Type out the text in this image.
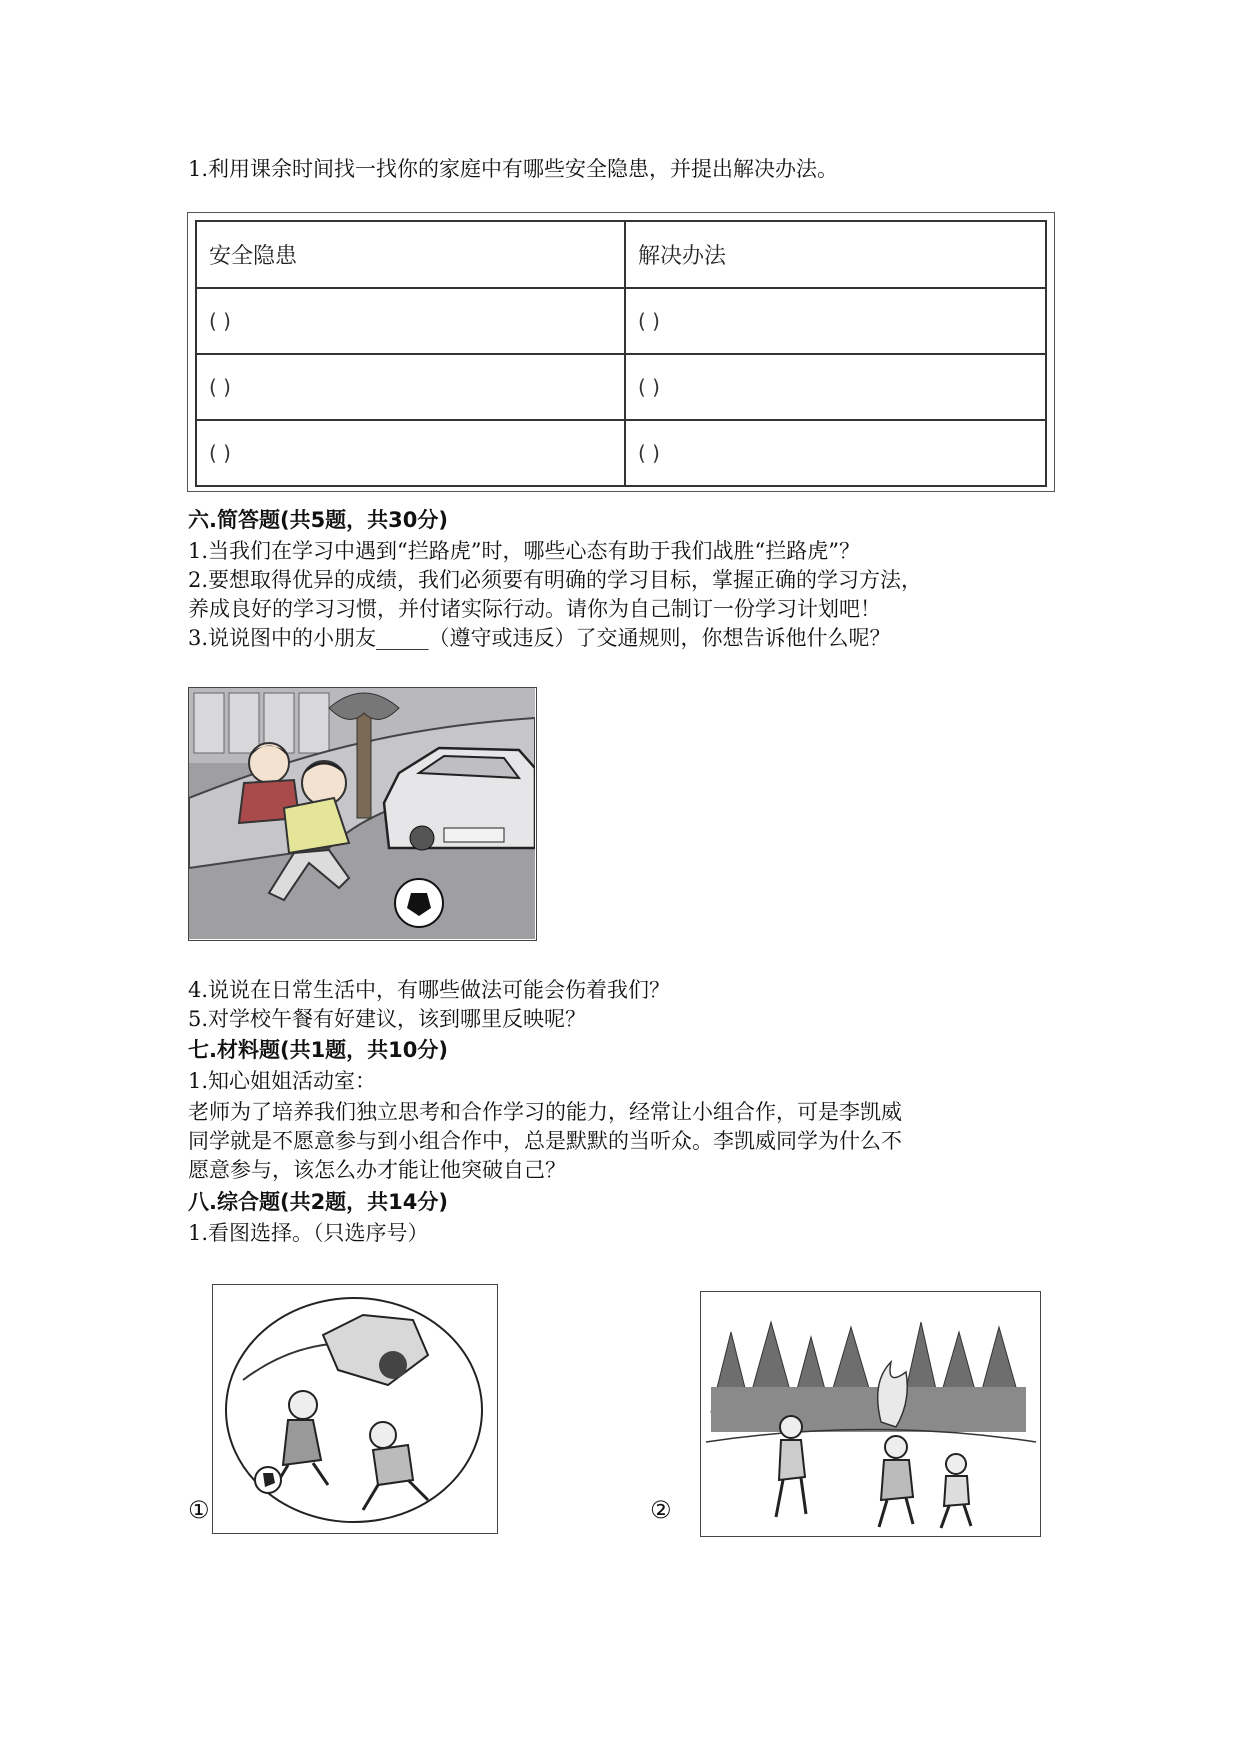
1.利用课余时间找一找你的家庭中有哪些安全隐患，并提出解决办法。
安全隐患	解决办法
( )	( )
( )	( )
( )	( )
六.简答题(共5题，共30分)
1.当我们在学习中遇到“拦路虎”时，哪些心态有助于我们战胜“拦路虎”？
2.要想取得优异的成绩，我们必须要有明确的学习目标，掌握正确的学习方法，
养成良好的学习习惯，并付诸实际行动。请你为自己制订一份学习计划吧！
3.说说图中的小朋友_____（遵守或违反）了交通规则，你想告诉他什么呢？
4.说说在日常生活中，有哪些做法可能会伤着我们？
5.对学校午餐有好建议，该到哪里反映呢？
七.材料题(共1题，共10分)
1.知心姐姐活动室：
老师为了培养我们独立思考和合作学习的能力，经常让小组合作，可是李凯威
同学就是不愿意参与到小组合作中，总是默默的当听众。李凯威同学为什么不
愿意参与，该怎么办才能让他突破自己？
八.综合题(共2题，共14分)
1.看图选择。（只选序号）
①	②
